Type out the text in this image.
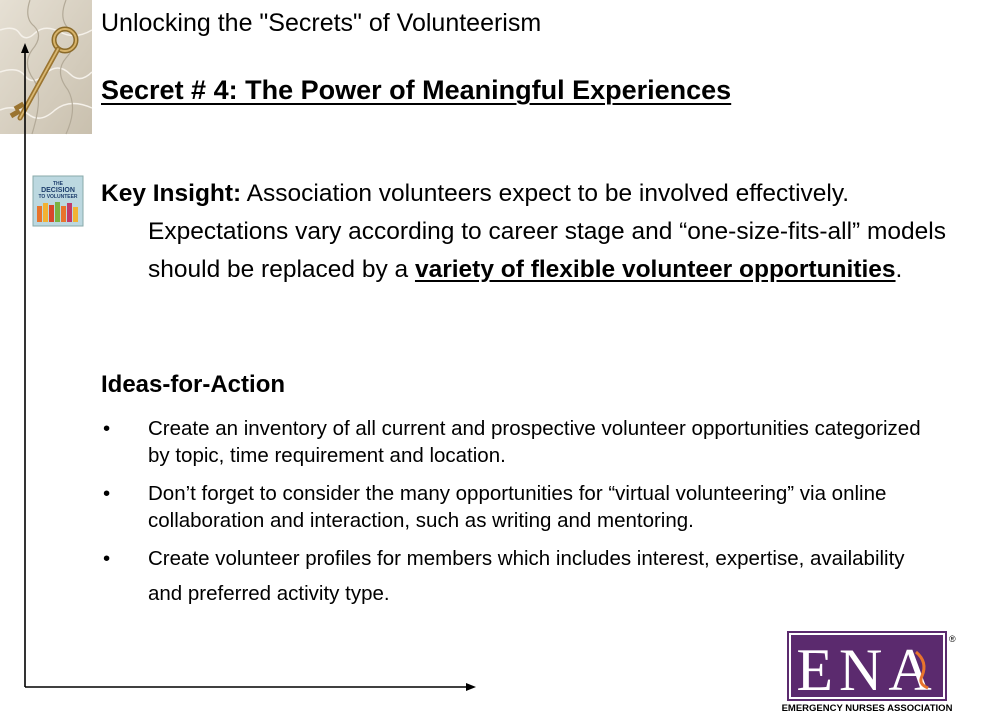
Unlocking the "Secrets" of Volunteerism
Secret # 4: The Power of Meaningful Experiences
THE
DECISION
TO VOLUNTEER Key Insight: Association volunteers expect to be involved effectively. Expectations vary according to career stage and “one-size-fits-all” models should be replaced by a variety of flexible volunteer opportunities.
Ideas-for-Action
• Create an inventory of all current and prospective volunteer opportunities categorized by topic, time requirement and location.
• Don’t forget to consider the many opportunities for “virtual volunteering” via online collaboration and interaction, such as writing and mentoring.
• Create volunteer profiles for members which includes interest, expertise, availability and preferred activity type.
ENA ®
EMERGENCY NURSES ASSOCIATION
